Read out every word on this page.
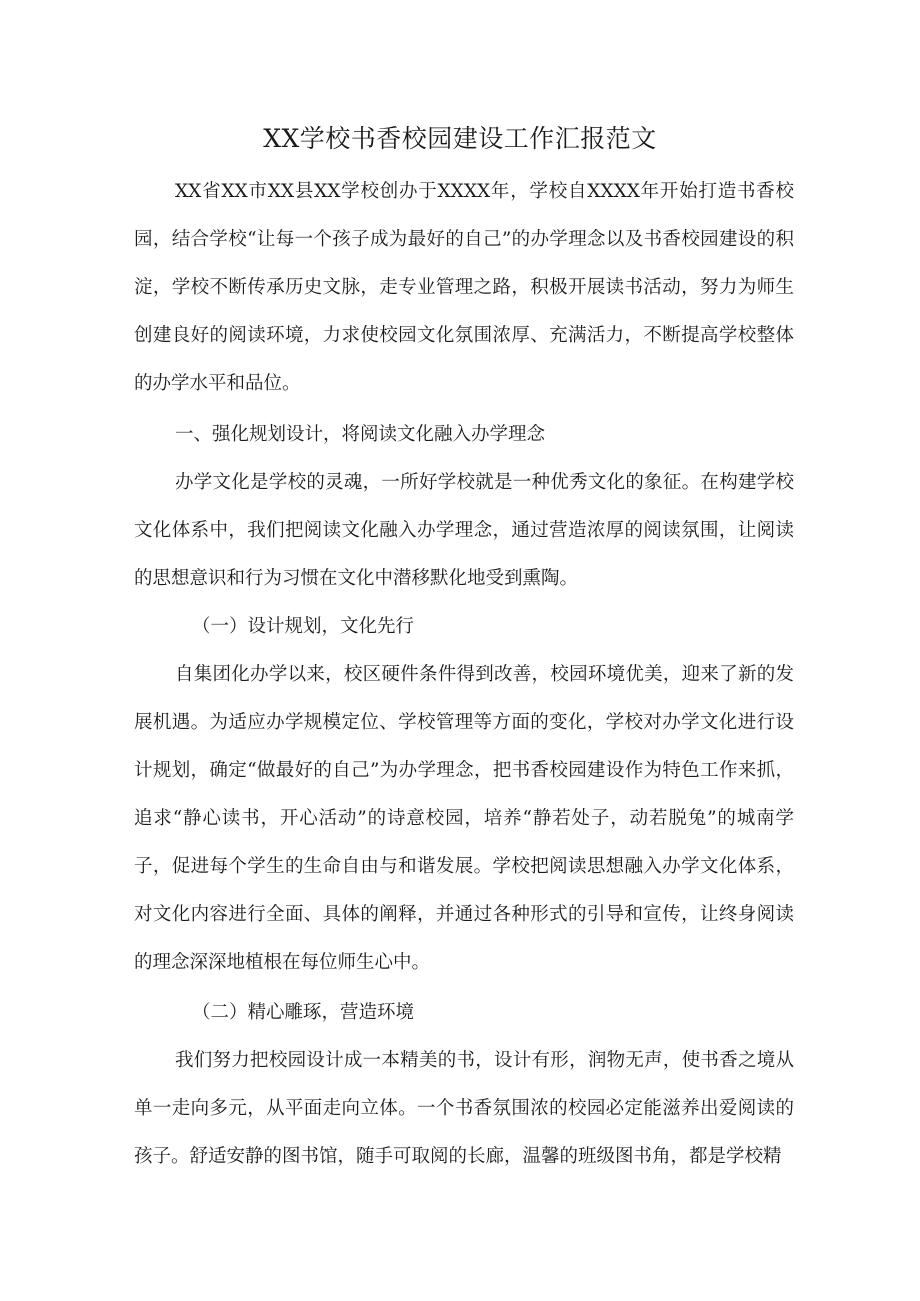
XX学校书香校园建设工作汇报范文

XX省XX市XX县XX学校创办于XXXX年，学校自XXXX年开始打造书香校园，结合学校“让每一个孩子成为最好的自己”的办学理念以及书香校园建设的积淀，学校不断传承历史文脉，走专业管理之路，积极开展读书活动，努力为师生创建良好的阅读环境，力求使校园文化氛围浓厚、充满活力，不断提高学校整体的办学水平和品位。

一、强化规划设计，将阅读文化融入办学理念

办学文化是学校的灵魂，一所好学校就是一种优秀文化的象征。在构建学校文化体系中，我们把阅读文化融入办学理念，通过营造浓厚的阅读氛围，让阅读的思想意识和行为习惯在文化中潜移默化地受到熏陶。

（一）设计规划，文化先行

自集团化办学以来，校区硬件条件得到改善，校园环境优美，迎来了新的发展机遇。为适应办学规模定位、学校管理等方面的变化，学校对办学文化进行设计规划，确定“做最好的自己”为办学理念，把书香校园建设作为特色工作来抓，追求“静心读书，开心活动”的诗意校园，培养“静若处子，动若脱兔”的城南学子，促进每个学生的生命自由与和谐发展。学校把阅读思想融入办学文化体系，对文化内容进行全面、具体的阐释，并通过各种形式的引导和宣传，让终身阅读的理念深深地植根在每位师生心中。

（二）精心雕琢，营造环境

我们努力把校园设计成一本精美的书，设计有形，润物无声，使书香之境从单一走向多元，从平面走向立体。一个书香氛围浓的校园必定能滋养出爱阅读的孩子。舒适安静的图书馆，随手可取阅的长廊，温馨的班级图书角，都是学校精
